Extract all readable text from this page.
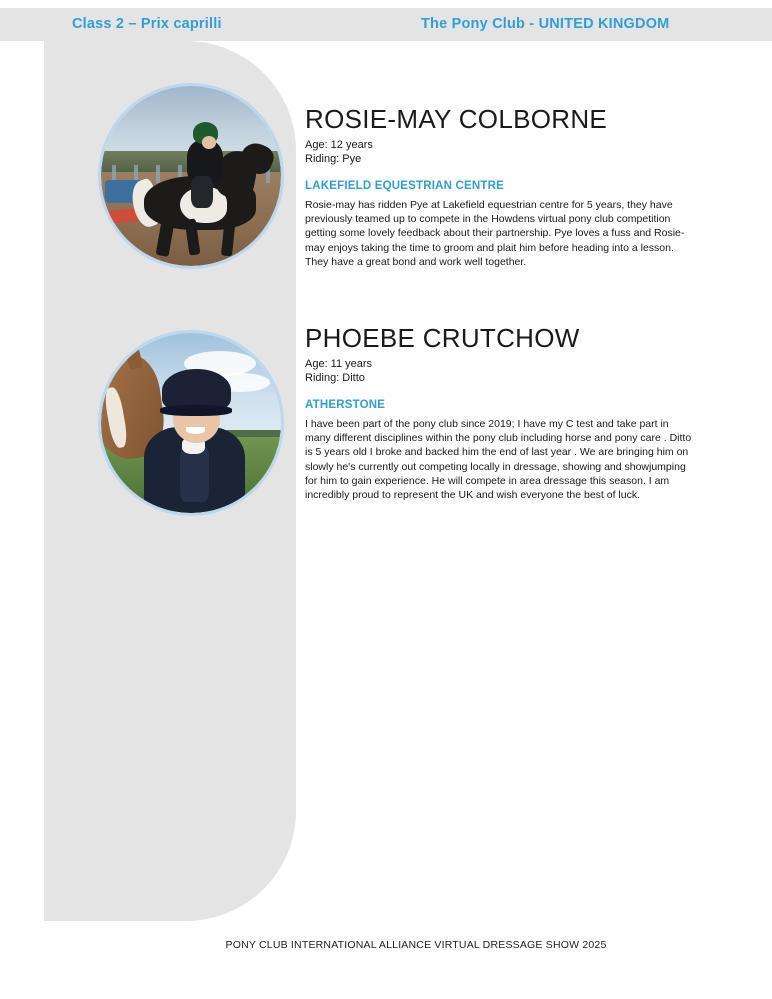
Class 2 – Prix caprilli	The Pony Club - UNITED KINGDOM
ROSIE-MAY COLBORNE

Age: 12 years

Riding: Pye

LAKEFIELD EQUESTRIAN CENTRE

Rosie-may has ridden Pye at Lakefield equestrian centre for 5 years, they have previously teamed up to compete in the Howdens virtual pony club competition getting some lovely feedback about their partnership. Pye loves a fuss and Rosie-may enjoys taking the time to groom and plait him before heading into a lesson. They have a great bond and work well together.

PHOEBE CRUTCHOW

Age: 11 years

Riding: Ditto

ATHERSTONE

I have been part of the pony club since 2019; I have my C test and take part in many different disciplines within the pony club including horse and pony care . Ditto is 5 years old I broke and backed him the end of last year . We are bringing him on slowly he's currently out competing locally in dressage, showing and showjumping for him to gain experience. He will compete in area dressage this season. I am incredibly proud to represent the UK and wish everyone the best of luck.

PONY CLUB INTERNATIONAL ALLIANCE VIRTUAL DRESSAGE SHOW 2025
